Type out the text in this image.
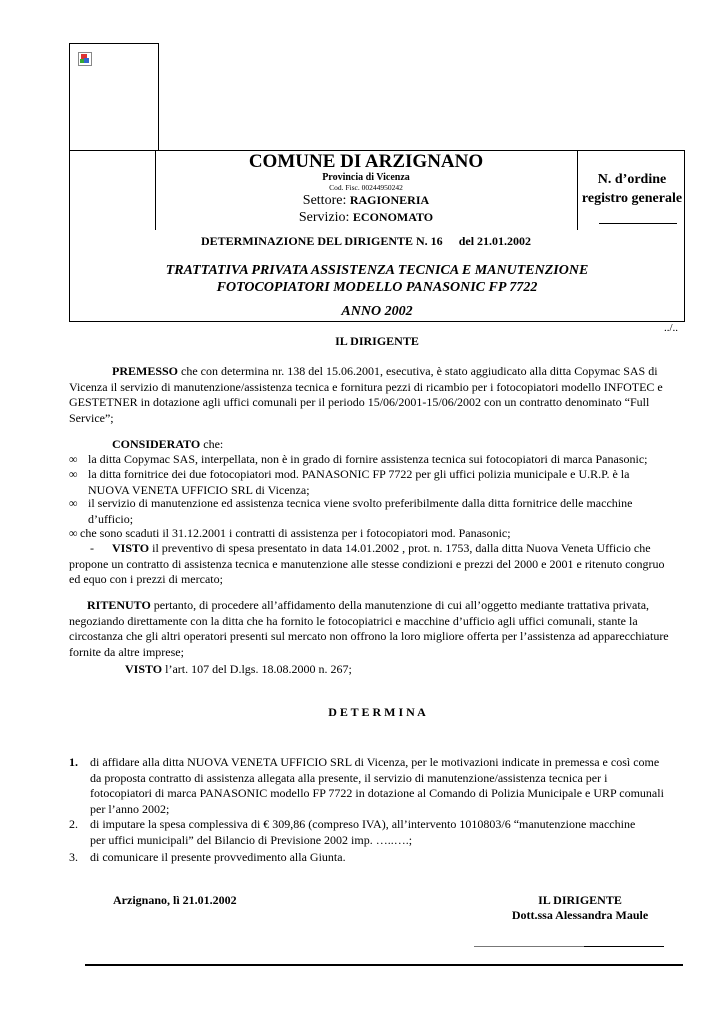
COMUNE DI ARZIGNANO
Provincia di Vicenza
Cod. Fisc. 00244950242
Settore: RAGIONERIA
Servizio: ECONOMATO
N. d’ordine
registro generale
DETERMINAZIONE DEL DIRIGENTE N. 16 del 21.01.2002
TRATTATIVA PRIVATA ASSISTENZA TECNICA E MANUTENZIONE
FOTOCOPIATORI MODELLO PANASONIC FP 7722
ANNO 2002
../..
IL DIRIGENTE
PREMESSO che con determina nr. 138 del 15.06.2001, esecutiva, è stato aggiudicato alla ditta Copymac SAS di
Vicenza il servizio di manutenzione/assistenza tecnica e fornitura pezzi di ricambio per i fotocopiatori modello INFOTEC e
GESTETNER in dotazione agli uffici comunali per il periodo 15/06/2001-15/06/2002 con un contratto denominato “Full
Service”;
CONSIDERATO che:
∞ la ditta Copymac SAS, interpellata, non è in grado di fornire assistenza tecnica sui fotocopiatori di marca Panasonic;
∞ la ditta fornitrice dei due fotocopiatori mod. PANASONIC FP 7722 per gli uffici polizia municipale e U.R.P. è la
NUOVA VENETA UFFICIO SRL di Vicenza;
∞ il servizio di manutenzione ed assistenza tecnica viene svolto preferibilmente dalla ditta fornitrice delle macchine
d’ufficio;
∞ che sono scaduti il 31.12.2001 i contratti di assistenza per i fotocopiatori mod. Panasonic;
-	VISTO il preventivo di spesa presentato in data 14.01.2002 , prot. n. 1753, dalla ditta Nuova Veneta Ufficio che
propone un contratto di assistenza tecnica e manutenzione alle stesse condizioni e prezzi del 2000 e 2001 e ritenuto congruo
ed equo con i prezzi di mercato;
RITENUTO pertanto, di procedere all’affidamento della manutenzione di cui all’oggetto mediante trattativa privata,
negoziando direttamente con la ditta che ha fornito le fotocopiatrici e macchine d’ufficio agli uffici comunali, stante la
circostanza che gli altri operatori presenti sul mercato non offrono la loro migliore offerta per l’assistenza ad apparecchiature
fornite da altre imprese;
VISTO l’art. 107 del D.lgs. 18.08.2000 n. 267;
D E T E R M I N A
1. di affidare alla ditta NUOVA VENETA UFFICIO SRL di Vicenza, per le motivazioni indicate in premessa e così come
da proposta contratto di assistenza allegata alla presente, il servizio di manutenzione/assistenza tecnica per i
fotocopiatori di marca PANASONIC modello FP 7722 in dotazione al Comando di Polizia Municipale e URP comunali
per l’anno 2002;
2. di imputare la spesa complessiva di € 309,86 (compreso IVA), all’intervento 1010803/6 “manutenzione macchine
per uffici municipali” del Bilancio di Previsione 2002 imp. …..….;
3. di comunicare il presente provvedimento alla Giunta.
Arzignano, lì 21.01.2002	IL DIRIGENTE
Dott.ssa Alessandra Maule
